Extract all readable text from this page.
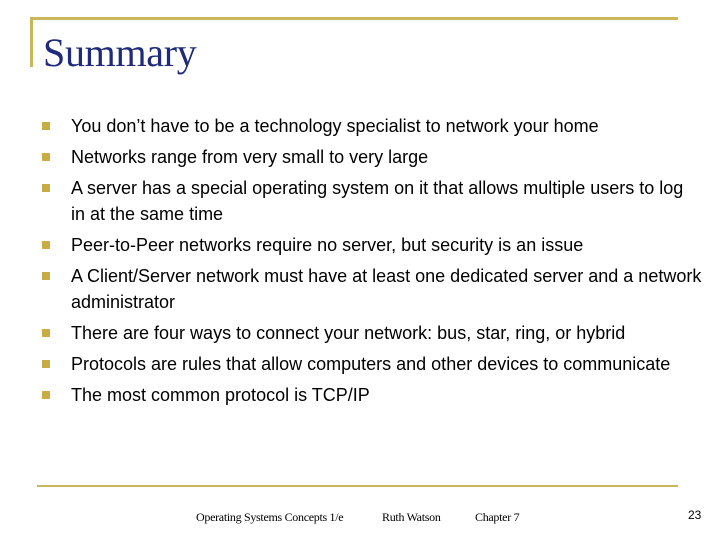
Summary
You don’t have to be a technology specialist to network your home
Networks range from very small to very large
A server has a special operating system on it that allows multiple users to log in at the same time
Peer-to-Peer networks require no server, but security is an issue
A Client/Server network must have at least one dedicated server and a network administrator
There are four ways to connect your network: bus, star, ring, or hybrid
Protocols are rules that allow computers and other devices to communicate
The most common protocol is TCP/IP
Operating Systems Concepts 1/e	Ruth Watson	Chapter 7	23
